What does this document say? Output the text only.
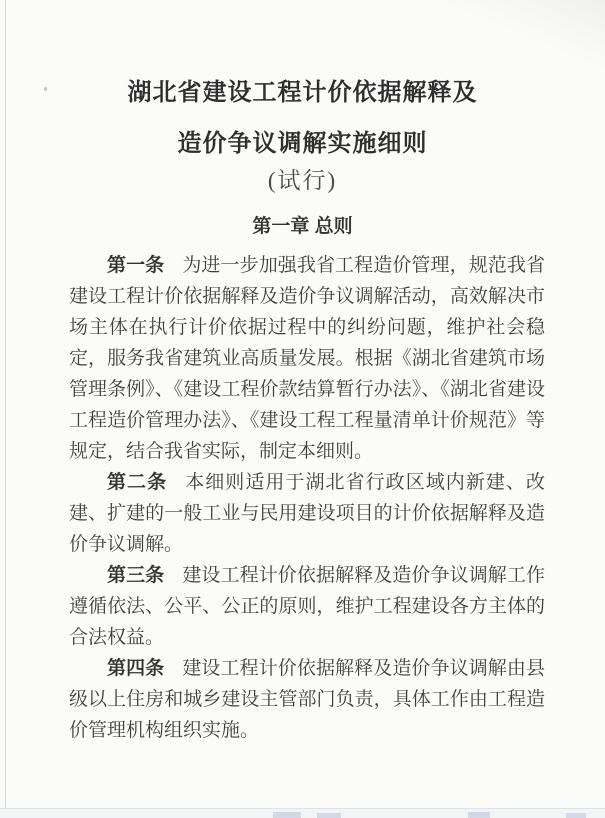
湖北省建设工程计价依据解释及
造价争议调解实施细则
(试行)
第一章 总则

第一条 为进一步加强我省工程造价管理，规范我省建设工程计价依据解释及造价争议调解活动，高效解决市场主体在执行计价依据过程中的纠纷问题，维护社会稳定，服务我省建筑业高质量发展。根据《湖北省建筑市场管理条例》、《建设工程价款结算暂行办法》、《湖北省建设工程造价管理办法》、《建设工程工程量清单计价规范》等规定，结合我省实际，制定本细则。

第二条 本细则适用于湖北省行政区域内新建、改建、扩建的一般工业与民用建设项目的计价依据解释及造价争议调解。

第三条 建设工程计价依据解释及造价争议调解工作遵循依法、公平、公正的原则，维护工程建设各方主体的合法权益。

第四条 建设工程计价依据解释及造价争议调解由县级以上住房和城乡建设主管部门负责，具体工作由工程造价管理机构组织实施。
